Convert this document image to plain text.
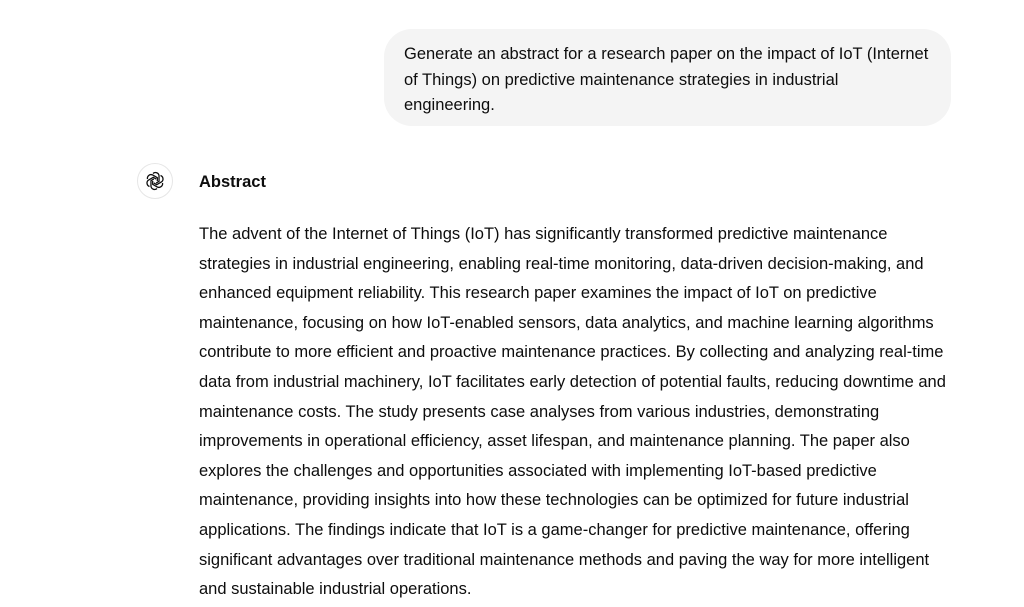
Generate an abstract for a research paper on the impact of IoT (Internet of Things) on predictive maintenance strategies in industrial engineering.

Abstract

The advent of the Internet of Things (IoT) has significantly transformed predictive maintenance strategies in industrial engineering, enabling real-time monitoring, data-driven decision-making, and enhanced equipment reliability. This research paper examines the impact of IoT on predictive maintenance, focusing on how IoT-enabled sensors, data analytics, and machine learning algorithms contribute to more efficient and proactive maintenance practices. By collecting and analyzing real-time data from industrial machinery, IoT facilitates early detection of potential faults, reducing downtime and maintenance costs. The study presents case analyses from various industries, demonstrating improvements in operational efficiency, asset lifespan, and maintenance planning. The paper also explores the challenges and opportunities associated with implementing IoT-based predictive maintenance, providing insights into how these technologies can be optimized for future industrial applications. The findings indicate that IoT is a game-changer for predictive maintenance, offering significant advantages over traditional maintenance methods and paving the way for more intelligent and sustainable industrial operations.
